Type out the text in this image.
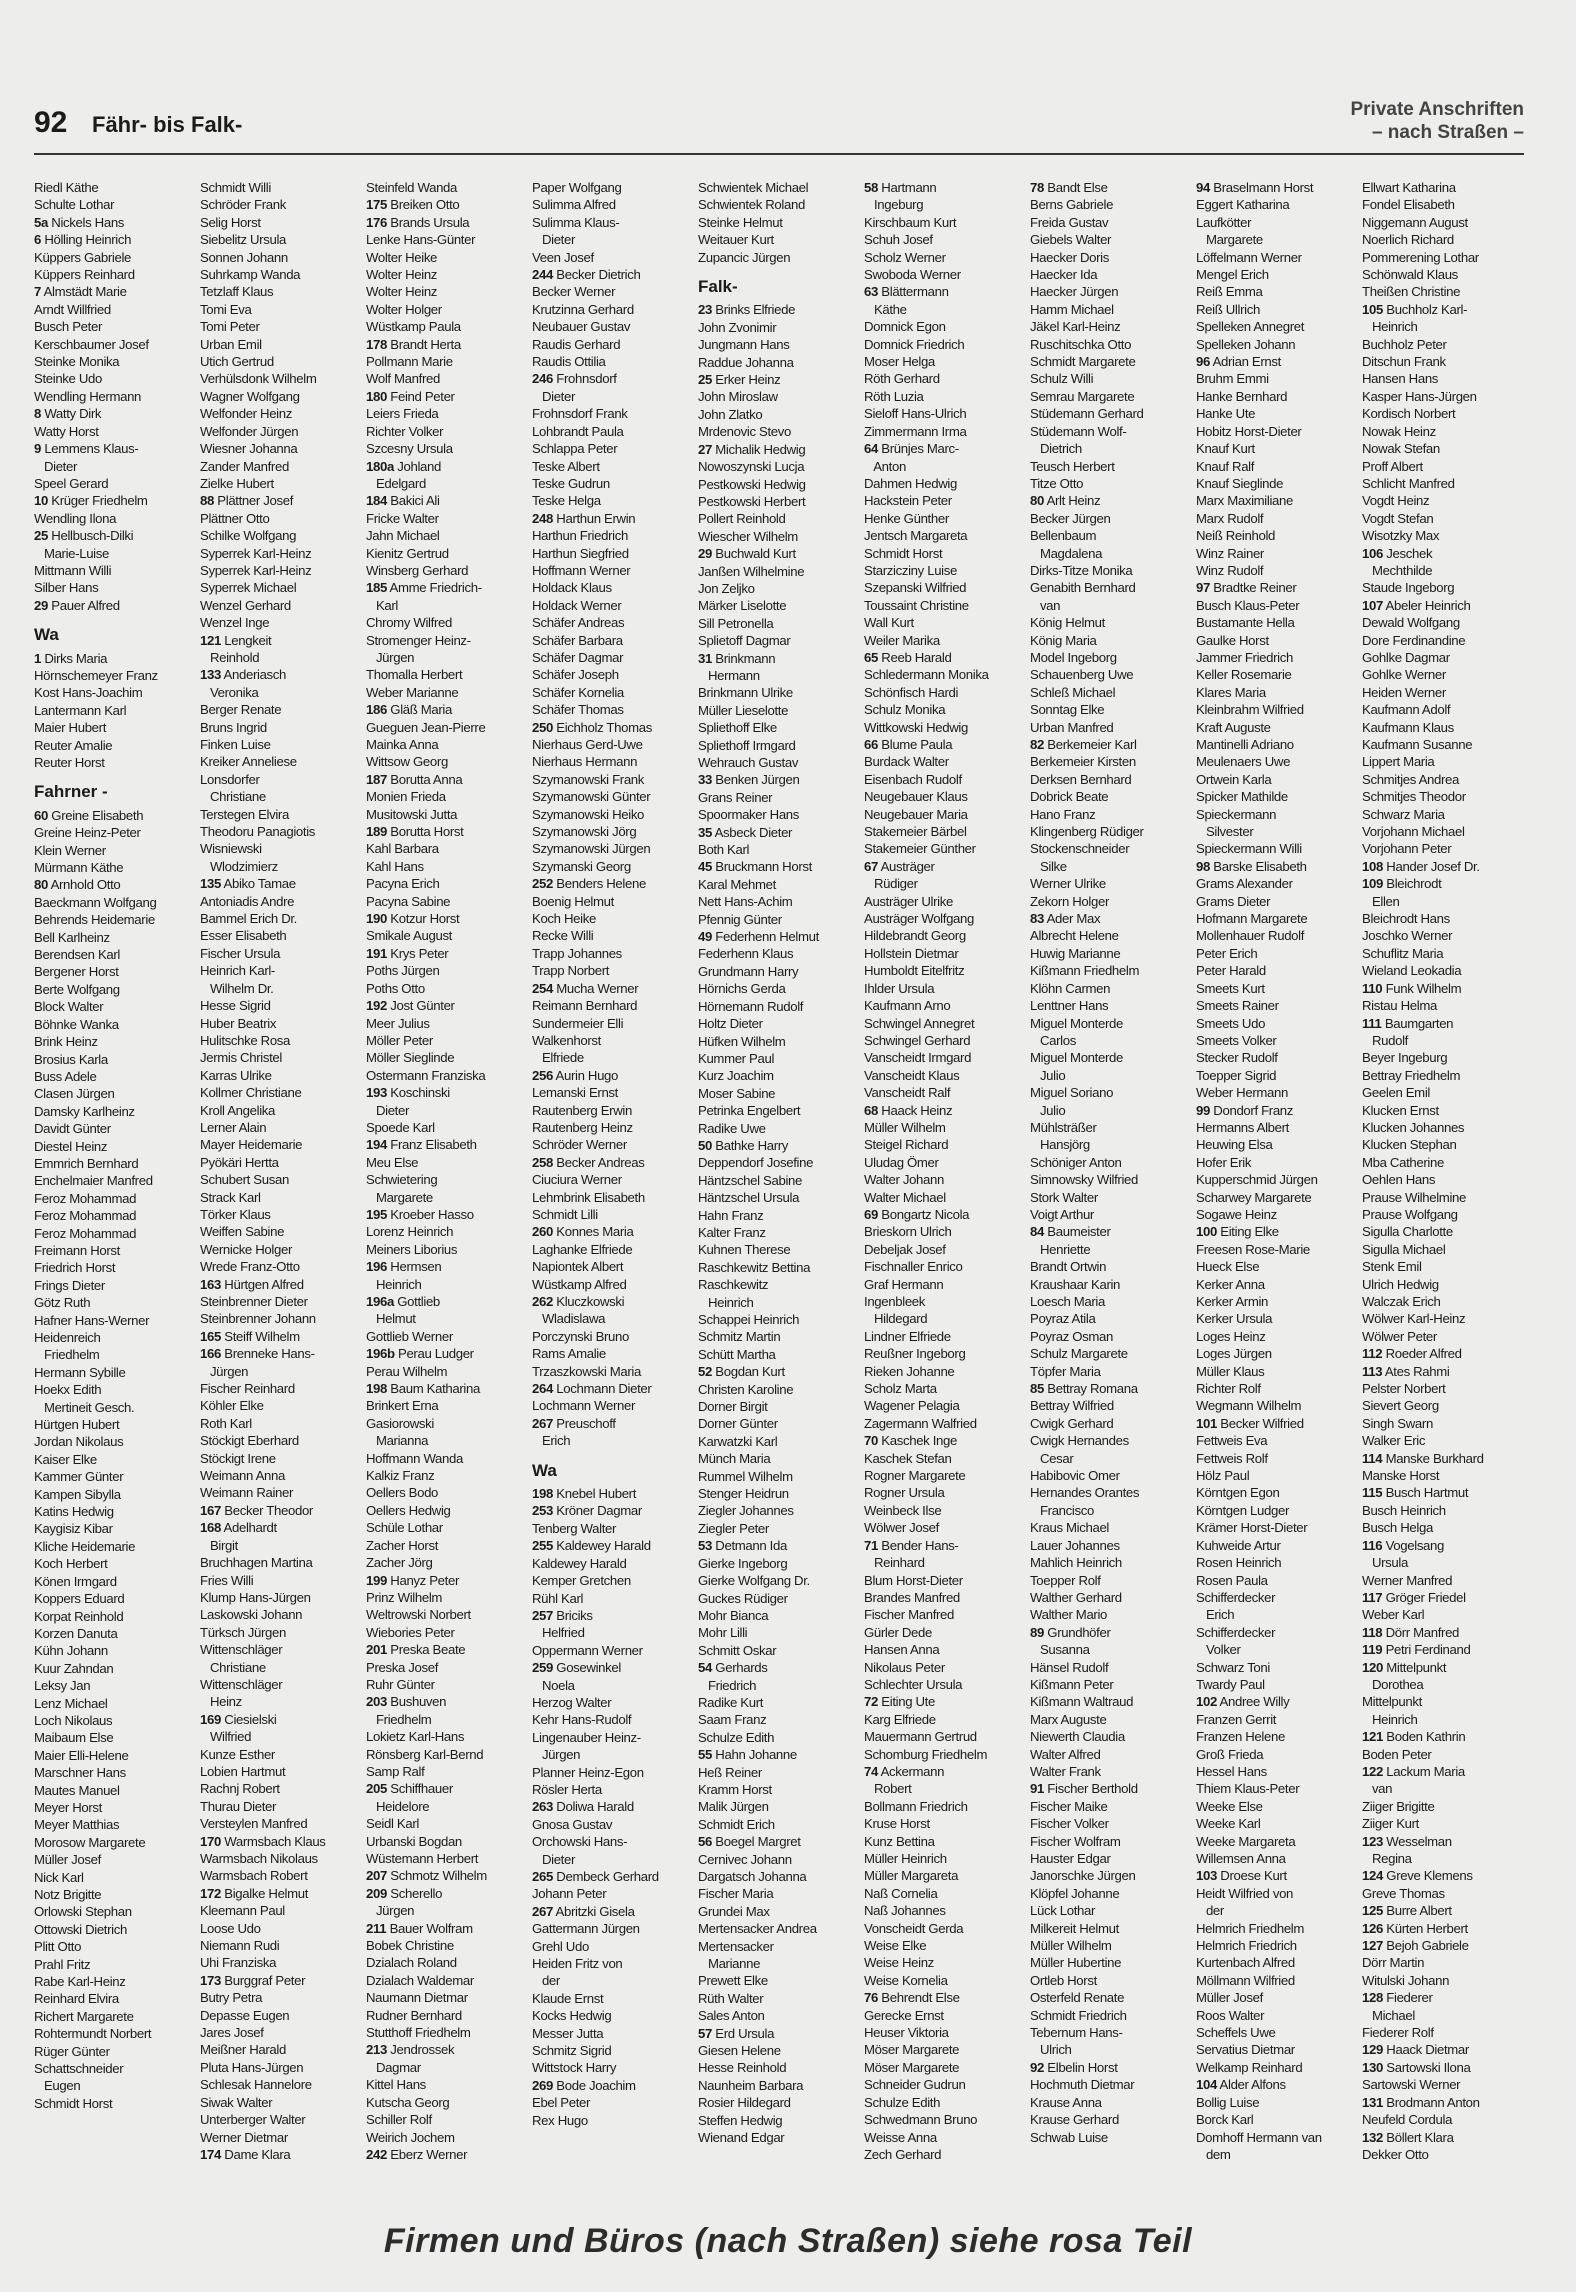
92 Fähr- bis Falk-
Private Anschriften
– nach Straßen –
Riedl Käthe
Schulte Lothar
5a Nickels Hans
6 Hölling Heinrich
Küppers Gabriele
Küppers Reinhard
7 Almstädt Marie
Arndt Willfried
Busch Peter
Kerschbaumer Josef
Steinke Monika
Steinke Udo
Wendling Hermann
8 Watty Dirk
Watty Horst
9 Lemmens Klaus-
Dieter
Speel Gerard
10 Krüger Friedhelm
Wendling Ilona
25 Hellbusch-Dilki
Marie-Luise
Mittmann Willi
Silber Hans
29 Pauer Alfred
Wa
1 Dirks Maria
Hörnschemeyer Franz
Kost Hans-Joachim
Lantermann Karl
Maier Hubert
Reuter Amalie
Reuter Horst
Fahrner -
60 Greine Elisabeth
Greine Heinz-Peter
Klein Werner
Mürmann Käthe
80 Arnhold Otto
Baeckmann Wolfgang
Behrends Heidemarie
Bell Karlheinz
Berendsen Karl
Bergener Horst
Berte Wolfgang
Block Walter
Böhnke Wanka
Brink Heinz
Brosius Karla
Buss Adele
Clasen Jürgen
Damsky Karlheinz
Davidt Günter
Diestel Heinz
Emmrich Bernhard
Enchelmaier Manfred
Feroz Mohammad
Feroz Mohammad
Feroz Mohammad
Freimann Horst
Friedrich Horst
Frings Dieter
Götz Ruth
Hafner Hans-Werner
Heidenreich
Friedhelm
Hermann Sybille
Hoekx Edith
Mertineit Gesch.
Hürtgen Hubert
Jordan Nikolaus
Kaiser Elke
Kammer Günter
Kampen Sibylla
Katins Hedwig
Kaygisiz Kibar
Kliche Heidemarie
Koch Herbert
Könen Irmgard
Koppers Eduard
Korpat Reinhold
Korzen Danuta
Kühn Johann
Kuur Zahndan
Leksy Jan
Lenz Michael
Loch Nikolaus
Maibaum Else
Maier Elli-Helene
Marschner Hans
Mautes Manuel
Meyer Horst
Meyer Matthias
Morosow Margarete
Müller Josef
Nick Karl
Notz Brigitte
Orlowski Stephan
Ottowski Dietrich
Plitt Otto
Prahl Fritz
Rabe Karl-Heinz
Reinhard Elvira
Richert Margarete
Rohtermundt Norbert
Rüger Günter
Schattschneider
Eugen
Schmidt Horst
Schmidt Willi
Schröder Frank
Selig Horst
Siebelitz Ursula
Sonnen Johann
Suhrkamp Wanda
Tetzlaff Klaus
Tomi Eva
Tomi Peter
Urban Emil
Utich Gertrud
Verhülsdonk Wilhelm
Wagner Wolfgang
Welfonder Heinz
Welfonder Jürgen
Wiesner Johanna
Zander Manfred
Zielke Hubert
88 Plättner Josef
Plättner Otto
Schilke Wolfgang
Syperrek Karl-Heinz
Syperrek Karl-Heinz
Syperrek Michael
Wenzel Gerhard
Wenzel Inge
121 Lengkeit
Reinhold
133 Anderiasch
Veronika
Berger Renate
Bruns Ingrid
Finken Luise
Kreiker Anneliese
Lonsdorfer
Christiane
Terstegen Elvira
Theodoru Panagiotis
Wisniewski
Wlodzimierz
135 Abiko Tamae
Antoniadis Andre
Bammel Erich Dr.
Esser Elisabeth
Fischer Ursula
Heinrich Karl-
Wilhelm Dr.
Hesse Sigrid
Huber Beatrix
Hulitschke Rosa
Jermis Christel
Karras Ulrike
Kollmer Christiane
Kroll Angelika
Lerner Alain
Mayer Heidemarie
Pyökäri Hertta
Schubert Susan
Strack Karl
Törker Klaus
Weiffen Sabine
Wernicke Holger
Wrede Franz-Otto
163 Hürtgen Alfred
Steinbrenner Dieter
Steinbrenner Johann
165 Steiff Wilhelm
166 Brenneke Hans-
Jürgen
Fischer Reinhard
Köhler Elke
Roth Karl
Stöckigt Eberhard
Stöckigt Irene
Weimann Anna
Weimann Rainer
167 Becker Theodor
168 Adelhardt
Birgit
Bruchhagen Martina
Fries Willi
Klump Hans-Jürgen
Laskowski Johann
Türksch Jürgen
Wittenschläger
Christiane
Wittenschläger
Heinz
169 Ciesielski
Wilfried
Kunze Esther
Lobien Hartmut
Rachnj Robert
Thurau Dieter
Versteylen Manfred
170 Warmsbach Klaus
Warmsbach Nikolaus
Warmsbach Robert
172 Bigalke Helmut
Kleemann Paul
Loose Udo
Niemann Rudi
Uhi Franziska
173 Burggraf Peter
Butry Petra
Depasse Eugen
Jares Josef
Meißner Harald
Pluta Hans-Jürgen
Schlesak Hannelore
Siwak Walter
Unterberger Walter
Werner Dietmar
174 Dame Klara
Steinfeld Wanda
175 Breiken Otto
176 Brands Ursula
Lenke Hans-Günter
Wolter Heike
Wolter Heinz
Wolter Heinz
Wolter Holger
Wüstkamp Paula
178 Brandt Herta
Pollmann Marie
Wolf Manfred
180 Feind Peter
Leiers Frieda
Richter Volker
Szcesny Ursula
180a Johland
Edelgard
184 Bakici Ali
Fricke Walter
Jahn Michael
Kienitz Gertrud
Winsberg Gerhard
185 Amme Friedrich-
Karl
Chromy Wilfred
Stromenger Heinz-
Jürgen
Thomalla Herbert
Weber Marianne
186 Gläß Maria
Gueguen Jean-Pierre
Mainka Anna
Wittsow Georg
187 Borutta Anna
Monien Frieda
Musitowski Jutta
189 Borutta Horst
Kahl Barbara
Kahl Hans
Pacyna Erich
Pacyna Sabine
190 Kotzur Horst
Smikale August
191 Krys Peter
Poths Jürgen
Poths Otto
192 Jost Günter
Meer Julius
Möller Peter
Möller Sieglinde
Ostermann Franziska
193 Koschinski
Dieter
Spoede Karl
194 Franz Elisabeth
Meu Else
Schwietering
Margarete
195 Kroeber Hasso
Lorenz Heinrich
Meiners Liborius
196 Hermsen
Heinrich
196a Gottlieb
Helmut
Gottlieb Werner
196b Perau Ludger
Perau Wilhelm
198 Baum Katharina
Brinkert Erna
Gasiorowski
Marianna
Hoffmann Wanda
Kalkiz Franz
Oellers Bodo
Oellers Hedwig
Schüle Lothar
Zacher Horst
Zacher Jörg
199 Hanyz Peter
Prinz Wilhelm
Weltrowski Norbert
Wiebories Peter
201 Preska Beate
Preska Josef
Ruhr Günter
203 Bushuven
Friedhelm
Lokietz Karl-Hans
Rönsberg Karl-Bernd
Samp Ralf
205 Schiffhauer
Heidelore
Seidl Karl
Urbanski Bogdan
Wüstemann Herbert
207 Schmotz Wilhelm
209 Scherello
Jürgen
211 Bauer Wolfram
Bobek Christine
Dzialach Roland
Dzialach Waldemar
Naumann Dietmar
Rudner Bernhard
Stutthoff Friedhelm
213 Jendrossek
Dagmar
Kittel Hans
Kutscha Georg
Schiller Rolf
Weirich Jochem
242 Eberz Werner
Paper Wolfgang
Sulimma Alfred
Sulimma Klaus-
Dieter
Veen Josef
244 Becker Dietrich
Becker Werner
Krutzinna Gerhard
Neubauer Gustav
Raudis Gerhard
Raudis Ottilia
246 Frohnsdorf
Dieter
Frohnsdorf Frank
Lohbrandt Paula
Schlappa Peter
Teske Albert
Teske Gudrun
Teske Helga
248 Harthun Erwin
Harthun Friedrich
Harthun Siegfried
Hoffmann Werner
Holdack Klaus
Holdack Werner
Schäfer Andreas
Schäfer Barbara
Schäfer Dagmar
Schäfer Joseph
Schäfer Kornelia
Schäfer Thomas
250 Eichholz Thomas
Nierhaus Gerd-Uwe
Nierhaus Hermann
Szymanowski Frank
Szymanowski Günter
Szymanowski Heiko
Szymanowski Jörg
Szymanowski Jürgen
Szymanski Georg
252 Benders Helene
Boenig Helmut
Koch Heike
Recke Willi
Trapp Johannes
Trapp Norbert
254 Mucha Werner
Reimann Bernhard
Sundermeier Elli
Walkenhorst
Elfriede
256 Aurin Hugo
Lemanski Ernst
Rautenberg Erwin
Rautenberg Heinz
Schröder Werner
258 Becker Andreas
Ciuciura Werner
Lehmbrink Elisabeth
Schmidt Lilli
260 Konnes Maria
Laghanke Elfriede
Napiontek Albert
Wüstkamp Alfred
262 Kluczkowski
Wladislawa
Porczynski Bruno
Rams Amalie
Trzaszkowski Maria
264 Lochmann Dieter
Lochmann Werner
267 Preuschoff
Erich
Wa
198 Knebel Hubert
253 Kröner Dagmar
Tenberg Walter
255 Kaldewey Harald
Kaldewey Harald
Kemper Gretchen
Rühl Karl
257 Briciks
Helfried
Oppermann Werner
259 Gosewinkel
Noela
Herzog Walter
Kehr Hans-Rudolf
Lingenauber Heinz-
Jürgen
Planner Heinz-Egon
Rösler Herta
263 Doliwa Harald
Gnosa Gustav
Orchowski Hans-
Dieter
265 Dembeck Gerhard
Johann Peter
267 Abritzki Gisela
Gattermann Jürgen
Grehl Udo
Heiden Fritz von
der
Klaude Ernst
Kocks Hedwig
Messer Jutta
Schmitz Sigrid
Wittstock Harry
269 Bode Joachim
Ebel Peter
Rex Hugo
Schwientek Michael
Schwientek Roland
Steinke Helmut
Weitauer Kurt
Zupancic Jürgen
Falk-
23 Brinks Elfriede
John Zvonimir
Jungmann Hans
Raddue Johanna
25 Erker Heinz
John Miroslaw
John Zlatko
Mrdenovic Stevo
27 Michalik Hedwig
Nowoszynski Lucja
Pestkowski Hedwig
Pestkowski Herbert
Pollert Reinhold
Wiescher Wilhelm
29 Buchwald Kurt
Janßen Wilhelmine
Jon Zeljko
Märker Liselotte
Sill Petronella
Splietoff Dagmar
31 Brinkmann
Hermann
Brinkmann Ulrike
Müller Lieselotte
Spliethoff Elke
Spliethoff Irmgard
Wehrauch Gustav
33 Benken Jürgen
Grans Reiner
Spoormaker Hans
35 Asbeck Dieter
Both Karl
45 Bruckmann Horst
Karal Mehmet
Nett Hans-Achim
Pfennig Günter
49 Federhenn Helmut
Federhenn Klaus
Grundmann Harry
Hörnichs Gerda
Hörnemann Rudolf
Holtz Dieter
Hüfken Wilhelm
Kummer Paul
Kurz Joachim
Moser Sabine
Petrinka Engelbert
Radike Uwe
50 Bathke Harry
Deppendorf Josefine
Häntzschel Sabine
Häntzschel Ursula
Hahn Franz
Kalter Franz
Kuhnen Therese
Raschkewitz Bettina
Raschkewitz
Heinrich
Schappei Heinrich
Schmitz Martin
Schütt Martha
52 Bogdan Kurt
Christen Karoline
Dorner Birgit
Dorner Günter
Karwatzki Karl
Münch Maria
Rummel Wilhelm
Stenger Heidrun
Ziegler Johannes
Ziegler Peter
53 Detmann Ida
Gierke Ingeborg
Gierke Wolfgang Dr.
Guckes Rüdiger
Mohr Bianca
Mohr Lilli
Schmitt Oskar
54 Gerhards
Friedrich
Radike Kurt
Saam Franz
Schulze Edith
55 Hahn Johanne
Heß Reiner
Kramm Horst
Malik Jürgen
Schmidt Erich
56 Boegel Margret
Cernivec Johann
Dargatsch Johanna
Fischer Maria
Grundei Max
Mertensacker Andrea
Mertensacker
Marianne
Prewett Elke
Rüth Walter
Sales Anton
57 Erd Ursula
Giesen Helene
Hesse Reinhold
Naunheim Barbara
Rosier Hildegard
Steffen Hedwig
Wienand Edgar
58 Hartmann
Ingeburg
Kirschbaum Kurt
Schuh Josef
Scholz Werner
Swoboda Werner
63 Blättermann
Käthe
Domnick Egon
Domnick Friedrich
Moser Helga
Röth Gerhard
Röth Luzia
Sieloff Hans-Ulrich
Zimmermann Irma
64 Brünjes Marc-
Anton
Dahmen Hedwig
Hackstein Peter
Henke Günther
Jentsch Margareta
Schmidt Horst
Starzicziny Luise
Szepanski Wilfried
Toussaint Christine
Wall Kurt
Weiler Marika
65 Reeb Harald
Schledermann Monika
Schönfisch Hardi
Schulz Monika
Wittkowski Hedwig
66 Blume Paula
Burdack Walter
Eisenbach Rudolf
Neugebauer Klaus
Neugebauer Maria
Stakemeier Bärbel
Stakemeier Günther
67 Austräger
Rüdiger
Austräger Ulrike
Austräger Wolfgang
Hildebrandt Georg
Hollstein Dietmar
Humboldt Eitelfritz
Ihlder Ursula
Kaufmann Arno
Schwingel Annegret
Schwingel Gerhard
Vanscheidt Irmgard
Vanscheidt Klaus
Vanscheidt Ralf
68 Haack Heinz
Müller Wilhelm
Steigel Richard
Uludag Ömer
Walter Johann
Walter Michael
69 Bongartz Nicola
Brieskorn Ulrich
Debeljak Josef
Fischnaller Enrico
Graf Hermann
Ingenbleek
Hildegard
Lindner Elfriede
Reußner Ingeborg
Rieken Johanne
Scholz Marta
Wagener Pelagia
Zagermann Walfried
70 Kaschek Inge
Kaschek Stefan
Rogner Margarete
Rogner Ursula
Weinbeck Ilse
Wölwer Josef
71 Bender Hans-
Reinhard
Blum Horst-Dieter
Brandes Manfred
Fischer Manfred
Gürler Dede
Hansen Anna
Nikolaus Peter
Schlechter Ursula
72 Eiting Ute
Karg Elfriede
Mauermann Gertrud
Schomburg Friedhelm
74 Ackermann
Robert
Bollmann Friedrich
Kruse Horst
Kunz Bettina
Müller Heinrich
Müller Margareta
Naß Cornelia
Naß Johannes
Vonscheidt Gerda
Weise Elke
Weise Heinz
Weise Kornelia
76 Behrendt Else
Gerecke Ernst
Heuser Viktoria
Möser Margarete
Möser Margarete
Schneider Gudrun
Schulze Edith
Schwedmann Bruno
Weisse Anna
Zech Gerhard
78 Bandt Else
Berns Gabriele
Freida Gustav
Giebels Walter
Haecker Doris
Haecker Ida
Haecker Jürgen
Hamm Michael
Jäkel Karl-Heinz
Ruschitschka Otto
Schmidt Margarete
Schulz Willi
Semrau Margarete
Stüdemann Gerhard
Stüdemann Wolf-
Dietrich
Teusch Herbert
Titze Otto
80 Arlt Heinz
Becker Jürgen
Bellenbaum
Magdalena
Dirks-Titze Monika
Genabith Bernhard
van
König Helmut
König Maria
Model Ingeborg
Schauenberg Uwe
Schleß Michael
Sonntag Elke
Urban Manfred
82 Berkemeier Karl
Berkemeier Kirsten
Derksen Bernhard
Dobrick Beate
Hano Franz
Klingenberg Rüdiger
Stockenschneider
Silke
Werner Ulrike
Zekorn Holger
83 Ader Max
Albrecht Helene
Huwig Marianne
Kißmann Friedhelm
Klöhn Carmen
Lenttner Hans
Miguel Monterde
Carlos
Miguel Monterde
Julio
Miguel Soriano
Julio
Mühlsträßer
Hansjörg
Schöniger Anton
Simnowsky Wilfried
Stork Walter
Voigt Arthur
84 Baumeister
Henriette
Brandt Ortwin
Kraushaar Karin
Loesch Maria
Poyraz Atila
Poyraz Osman
Schulz Margarete
Töpfer Maria
85 Bettray Romana
Bettray Wilfried
Cwigk Gerhard
Cwigk Hernandes
Cesar
Habibovic Omer
Hernandes Orantes
Francisco
Kraus Michael
Lauer Johannes
Mahlich Heinrich
Toepper Rolf
Walther Gerhard
Walther Mario
89 Grundhöfer
Susanna
Hänsel Rudolf
Kißmann Peter
Kißmann Waltraud
Marx Auguste
Niewerth Claudia
Walter Alfred
Walter Frank
91 Fischer Berthold
Fischer Maike
Fischer Volker
Fischer Wolfram
Hauster Edgar
Janorschke Jürgen
Klöpfel Johanne
Lück Lothar
Milkereit Helmut
Müller Wilhelm
Müller Hubertine
Ortleb Horst
Osterfeld Renate
Schmidt Friedrich
Tebernum Hans-
Ulrich
92 Elbelin Horst
Hochmuth Dietmar
Krause Anna
Krause Gerhard
Schwab Luise
94 Braselmann Horst
Eggert Katharina
Laufkötter
Margarete
Löffelmann Werner
Mengel Erich
Reiß Emma
Reiß Ullrich
Spelleken Annegret
Spelleken Johann
96 Adrian Ernst
Bruhm Emmi
Hanke Bernhard
Hanke Ute
Hobitz Horst-Dieter
Knauf Kurt
Knauf Ralf
Knauf Sieglinde
Marx Maximiliane
Marx Rudolf
Neiß Reinhold
Winz Rainer
Winz Rudolf
97 Bradtke Reiner
Busch Klaus-Peter
Bustamante Hella
Gaulke Horst
Jammer Friedrich
Keller Rosemarie
Klares Maria
Kleinbrahm Wilfried
Kraft Auguste
Mantinelli Adriano
Meulenaers Uwe
Ortwein Karla
Spicker Mathilde
Spieckermann
Silvester
Spieckermann Willi
98 Barske Elisabeth
Grams Alexander
Grams Dieter
Hofmann Margarete
Mollenhauer Rudolf
Peter Erich
Peter Harald
Smeets Kurt
Smeets Rainer
Smeets Udo
Smeets Volker
Stecker Rudolf
Toepper Sigrid
Weber Hermann
99 Dondorf Franz
Hermanns Albert
Heuwing Elsa
Hofer Erik
Kupperschmid Jürgen
Scharwey Margarete
Sogawe Heinz
100 Eiting Elke
Freesen Rose-Marie
Hueck Else
Kerker Anna
Kerker Armin
Kerker Ursula
Loges Heinz
Loges Jürgen
Müller Klaus
Richter Rolf
Wegmann Wilhelm
101 Becker Wilfried
Fettweis Eva
Fettweis Rolf
Hölz Paul
Körntgen Egon
Körntgen Ludger
Krämer Horst-Dieter
Kuhweide Artur
Rosen Heinrich
Rosen Paula
Schifferdecker
Erich
Schifferdecker
Volker
Schwarz Toni
Twardy Paul
102 Andree Willy
Franzen Gerrit
Franzen Helene
Groß Frieda
Hessel Hans
Thiem Klaus-Peter
Weeke Else
Weeke Karl
Weeke Margareta
Willemsen Anna
103 Droese Kurt
Heidt Wilfried von
der
Helmrich Friedhelm
Helmrich Friedrich
Kurtenbach Alfred
Möllmann Wilfried
Müller Josef
Roos Walter
Scheffels Uwe
Servatius Dietmar
Welkamp Reinhard
104 Alder Alfons
Bollig Luise
Borck Karl
Domhoff Hermann van
dem
Ellwart Katharina
Fondel Elisabeth
Niggemann August
Noerlich Richard
Pommerening Lothar
Schönwald Klaus
Theißen Christine
105 Buchholz Karl-
Heinrich
Buchholz Peter
Ditschun Frank
Hansen Hans
Kasper Hans-Jürgen
Kordisch Norbert
Nowak Heinz
Nowak Stefan
Proff Albert
Schlicht Manfred
Vogdt Heinz
Vogdt Stefan
Wisotzky Max
106 Jeschek
Mechthilde
Staude Ingeborg
107 Abeler Heinrich
Dewald Wolfgang
Dore Ferdinandine
Gohlke Dagmar
Gohlke Werner
Heiden Werner
Kaufmann Adolf
Kaufmann Klaus
Kaufmann Susanne
Lippert Maria
Schmitjes Andrea
Schmitjes Theodor
Schwarz Maria
Vorjohann Michael
Vorjohann Peter
108 Hander Josef Dr.
109 Bleichrodt
Ellen
Bleichrodt Hans
Joschko Werner
Schuflitz Maria
Wieland Leokadia
110 Funk Wilhelm
Ristau Helma
111 Baumgarten
Rudolf
Beyer Ingeburg
Bettray Friedhelm
Geelen Emil
Klucken Ernst
Klucken Johannes
Klucken Stephan
Mba Catherine
Oehlen Hans
Prause Wilhelmine
Prause Wolfgang
Sigulla Charlotte
Sigulla Michael
Stenk Emil
Ulrich Hedwig
Walczak Erich
Wölwer Karl-Heinz
Wölwer Peter
112 Roeder Alfred
113 Ates Rahmi
Pelster Norbert
Sievert Georg
Singh Swarn
Walker Eric
114 Manske Burkhard
Manske Horst
115 Busch Hartmut
Busch Heinrich
Busch Helga
116 Vogelsang
Ursula
Werner Manfred
117 Gröger Friedel
Weber Karl
118 Dörr Manfred
119 Petri Ferdinand
120 Mittelpunkt
Dorothea
Mittelpunkt
Heinrich
121 Boden Kathrin
Boden Peter
122 Lackum Maria
van
Ziiger Brigitte
Ziiger Kurt
123 Wesselman
Regina
124 Greve Klemens
Greve Thomas
125 Burre Albert
126 Kürten Herbert
127 Bejoh Gabriele
Dörr Martin
Witulski Johann
128 Fiederer
Michael
Fiederer Rolf
129 Haack Dietmar
130 Sartowski Ilona
Sartowski Werner
131 Brodmann Anton
Neufeld Cordula
132 Böllert Klara
Dekker Otto
Firmen und Büros (nach Straßen) siehe rosa Teil
